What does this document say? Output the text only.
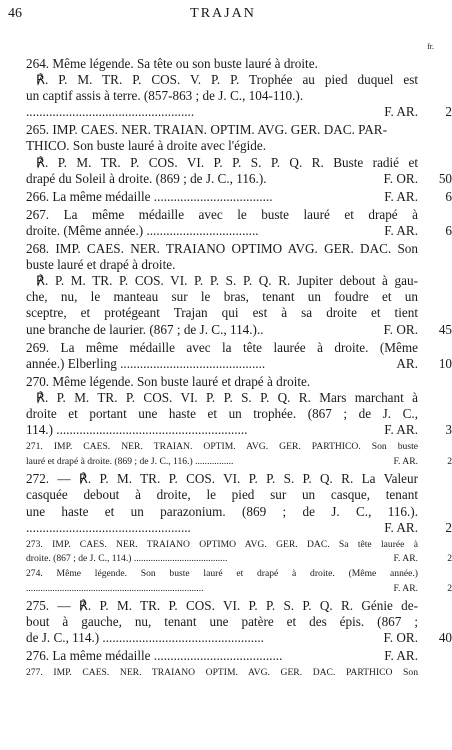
46	TRAJAN
fr.
264. Même légende. Sa tête ou son buste lauré à droite.
℟. P. M. TR. P. COS. V. P. P. Trophée au pied duquel est
un captif assis à terre. (857-863 ; de J. C., 104-110.).
...................................................	F. AR. 2
265. IMP. CAES. NER. TRAIAN. OPTIM. AVG. GER. DAC. PAR-
THICO. Son buste lauré à droite avec l'égide.
℟. P. M. TR. P. COS. VI. P. P. S. P. Q. R. Buste radié et
drapé du Soleil à droite. (869 ; de J. C., 116.).	F. OR. 50
266. La même médaille ....................................	F. AR. 6
267. La même médaille avec le buste lauré et drapé à
droite. (Même année.) ..................................	F. AR. 6
268. IMP. CAES. NER. TRAIANO OPTIMO AVG. GER. DAC. Son
buste lauré et drapé à droite.
℟. P. M. TR. P. COS. VI. P. P. S. P. Q. R. Jupiter debout à gau-
che, nu, le manteau sur le bras, tenant un foudre et un
sceptre, et protégeant Trajan qui est à sa droite et tient
une branche de laurier. (867 ; de J. C., 114.)..	F. OR. 45
269. La même médaille avec la tête laurée à droite. (Même
année.) Elberling ............................................	AR. 10
270. Même légende. Son buste lauré et drapé à droite.
℟. P. M. TR. P. COS. VI. P. P. S. P. Q. R. Mars marchant à
droite et portant une haste et un trophée. (867 ; de J. C.,
114.) ..........................................................	F. AR. 3
271. IMP. CAES. NER. TRAIAN. OPTIM. AVG. GER. PARTHICO. Son buste
lauré et drapé à droite. (869 ; de J. C., 116.) ................	F. AR.	2
272. — ℟. P. M. TR. P. COS. VI. P. P. S. P. Q. R. La Valeur
casquée debout à droite, le pied sur un casque, tenant
une haste et un parazonium. (869 ; de J. C., 116.).
..................................................	F. AR. 2
273. IMP. CAES. NER. TRAIANO OPTIMO AVG. GER. DAC. Sa tête laurée à
droite. (867 ; de J. C., 114.) .......................................	F. AR.	2
274. Même légende. Son buste lauré et drapé à droite. (Même année.)
..........................................................................	F. AR.	2
275. — ℟. P. M. TR. P. COS. VI. P. P. S. P. Q. R. Génie de-
bout à gauche, nu, tenant une patère et des épis. (867 ;
de J. C., 114.) .................................................	F. OR. 40
276. La même médaille .......................................	F. AR.
277. IMP. CAES. NER. TRAIANO OPTIM. AVG. GER. DAC. PARTHICO Son
